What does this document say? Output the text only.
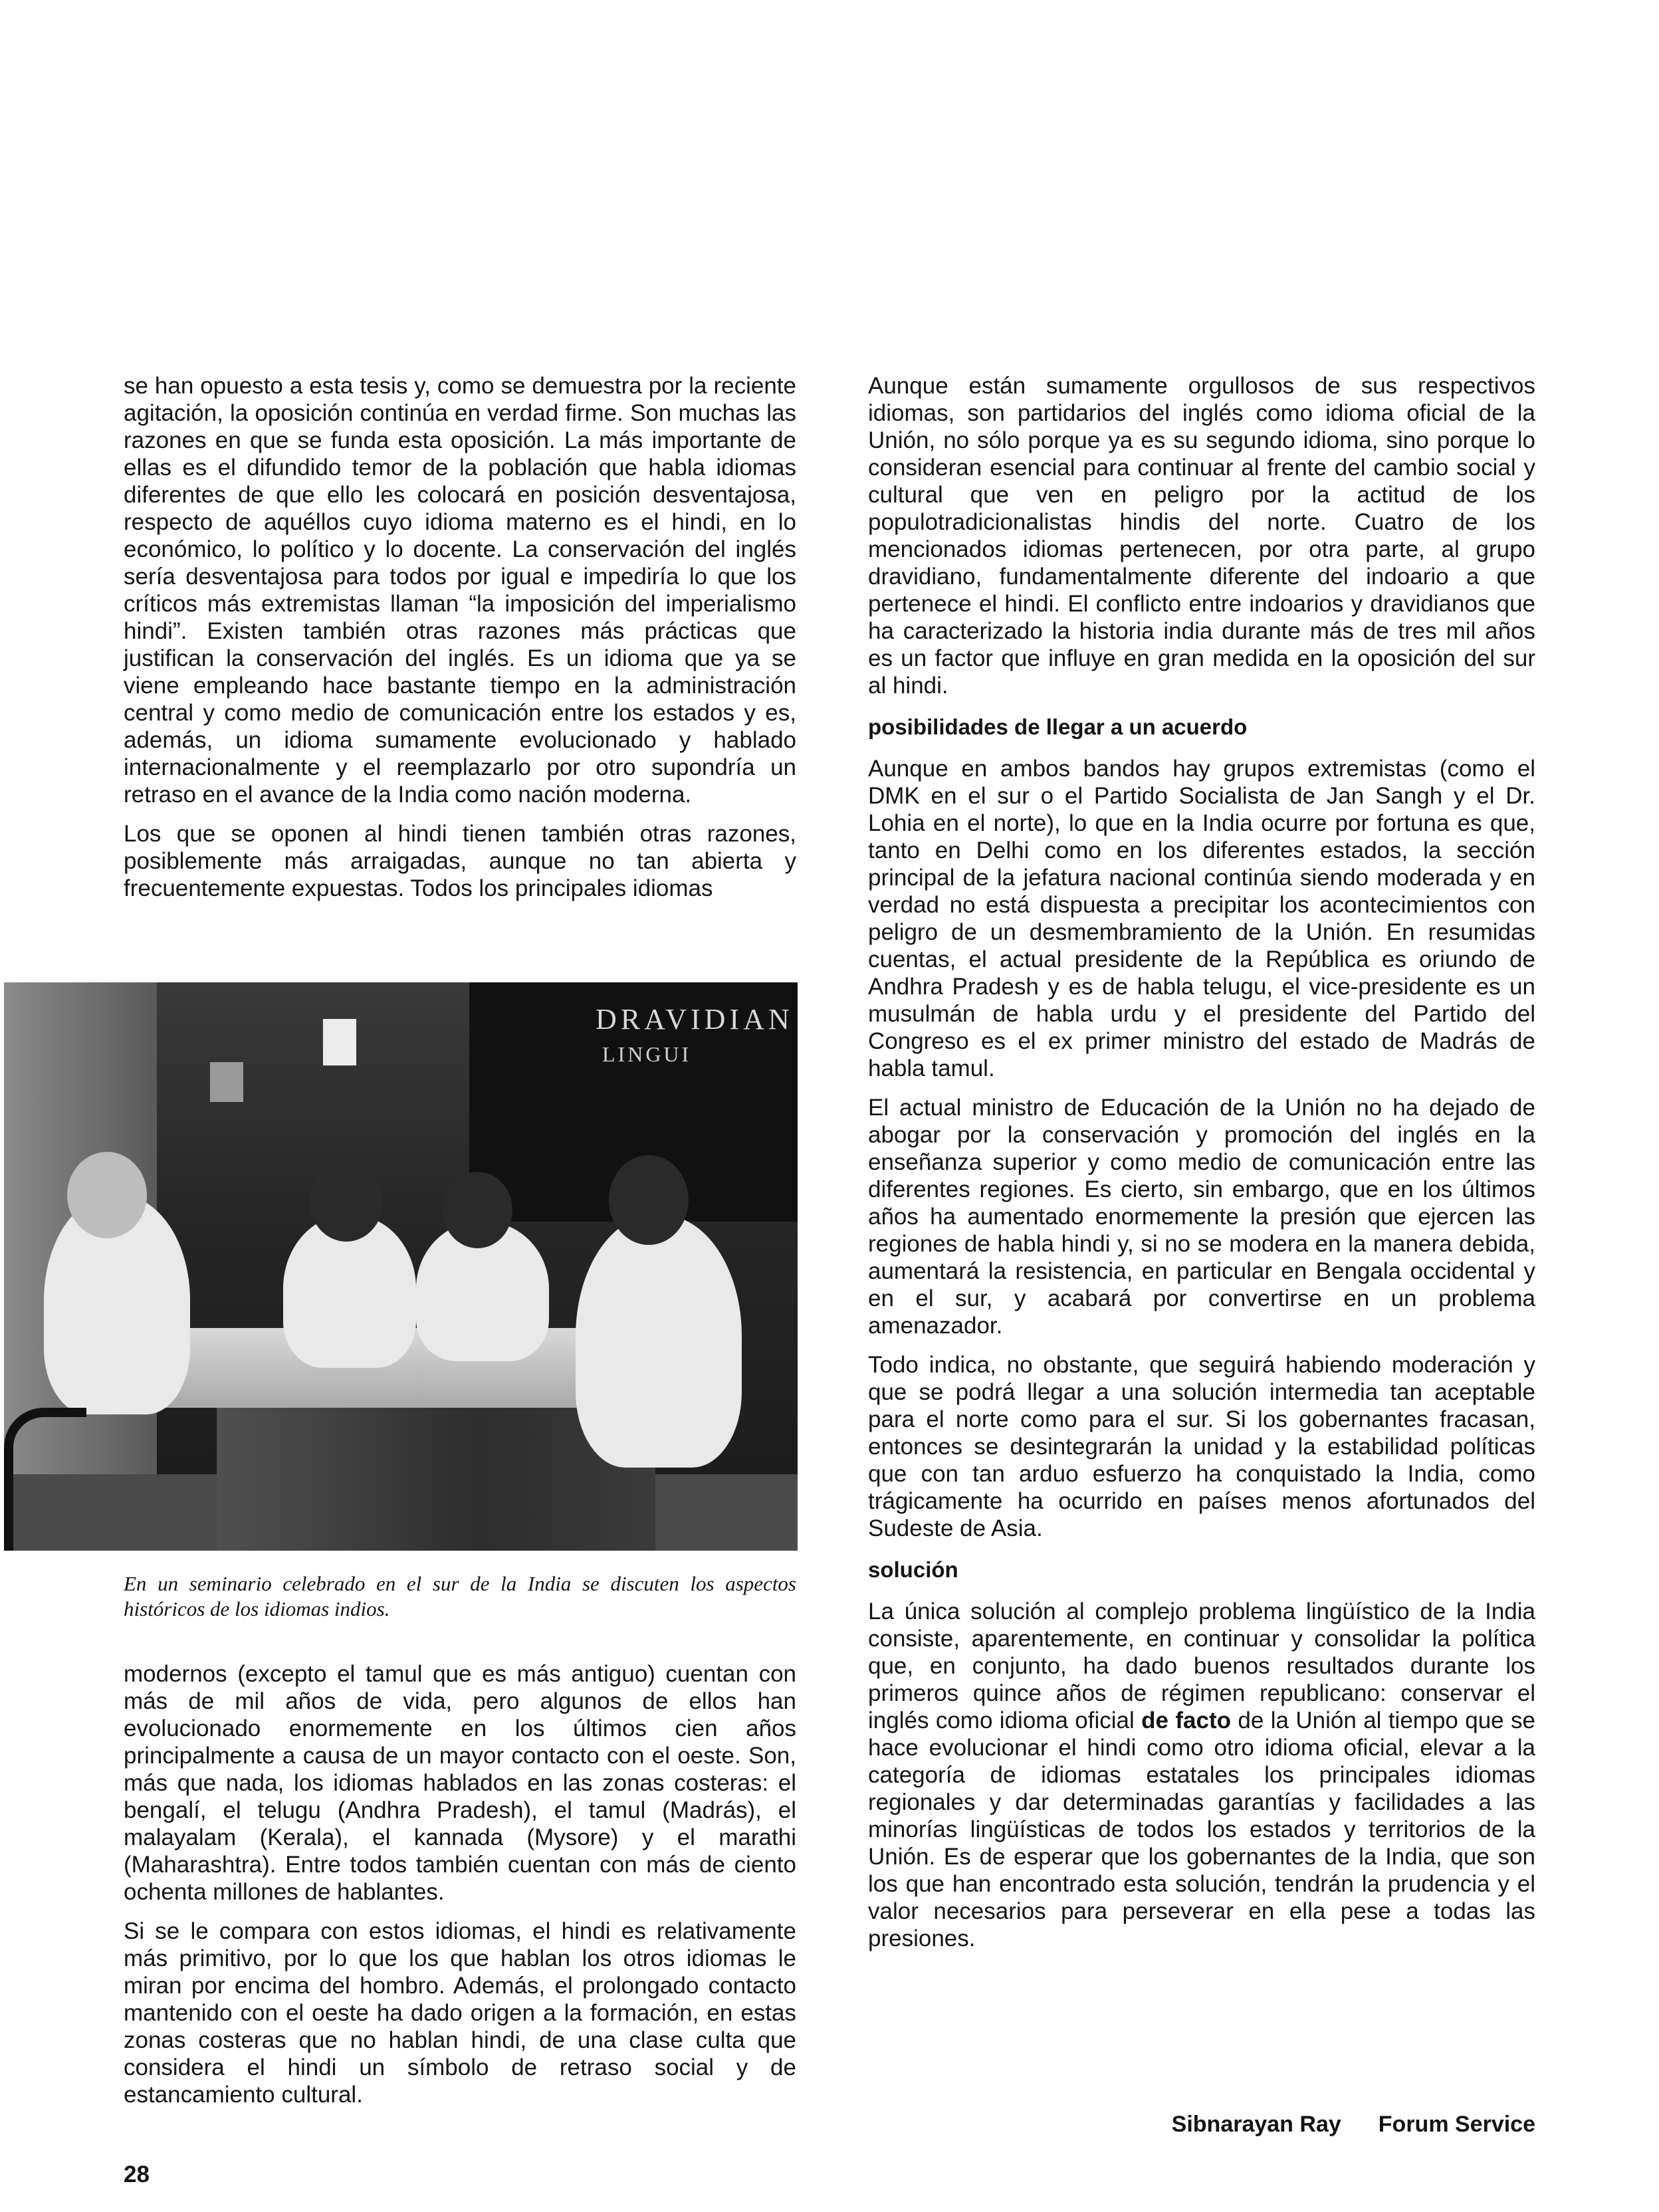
se han opuesto a esta tesis y, como se demuestra por la reciente agitación, la oposición continúa en verdad firme. Son muchas las razones en que se funda esta oposición. La más importante de ellas es el difundido temor de la población que habla idiomas diferentes de que ello les colocará en posición desventajosa, respecto de aquéllos cuyo idioma materno es el hindi, en lo económico, lo político y lo docente. La conservación del inglés sería desventajosa para todos por igual e impediría lo que los críticos más extremistas llaman “la imposición del imperialismo hindi”. Existen también otras razones más prácticas que justifican la conservación del inglés. Es un idioma que ya se viene empleando hace bastante tiempo en la administración central y como medio de comunicación entre los estados y es, además, un idioma sumamente evolucionado y hablado internacionalmente y el reemplazarlo por otro supondría un retraso en el avance de la India como nación moderna.

Los que se oponen al hindi tienen también otras razones, posiblemente más arraigadas, aunque no tan abierta y frecuentemente expuestas. Todos los principales idiomas

DRAVIDIAN
LINGUI
En un seminario celebrado en el sur de la India se discuten los aspectos históricos de los idiomas indios.

modernos (excepto el tamul que es más antiguo) cuentan con más de mil años de vida, pero algunos de ellos han evolucionado enormemente en los últimos cien años principalmente a causa de un mayor contacto con el oeste. Son, más que nada, los idiomas hablados en las zonas costeras: el bengalí, el telugu (Andhra Pradesh), el tamul (Madrás), el malayalam (Kerala), el kannada (Mysore) y el marathi (Maharashtra). Entre todos también cuentan con más de ciento ochenta millones de hablantes.

Si se le compara con estos idiomas, el hindi es relativamente más primitivo, por lo que los que hablan los otros idiomas le miran por encima del hombro. Además, el prolongado contacto mantenido con el oeste ha dado origen a la formación, en estas zonas costeras que no hablan hindi, de una clase culta que considera el hindi un símbolo de retraso social y de estancamiento cultural.

Aunque están sumamente orgullosos de sus respectivos idiomas, son partidarios del inglés como idioma oficial de la Unión, no sólo porque ya es su segundo idioma, sino porque lo consideran esencial para continuar al frente del cambio social y cultural que ven en peligro por la actitud de los populotradicionalistas hindis del norte. Cuatro de los mencionados idiomas pertenecen, por otra parte, al grupo dravidiano, fundamentalmente diferente del indoario a que pertenece el hindi. El conflicto entre indoarios y dravidianos que ha caracterizado la historia india durante más de tres mil años es un factor que influye en gran medida en la oposición del sur al hindi.

posibilidades de llegar a un acuerdo

Aunque en ambos bandos hay grupos extremistas (como el DMK en el sur o el Partido Socialista de Jan Sangh y el Dr. Lohia en el norte), lo que en la India ocurre por fortuna es que, tanto en Delhi como en los diferentes estados, la sección principal de la jefatura nacional continúa siendo moderada y en verdad no está dispuesta a precipitar los acontecimientos con peligro de un desmembramiento de la Unión. En resumidas cuentas, el actual presidente de la República es oriundo de Andhra Pradesh y es de habla telugu, el vice-presidente es un musulmán de habla urdu y el presidente del Partido del Congreso es el ex primer ministro del estado de Madrás de habla tamul.

El actual ministro de Educación de la Unión no ha dejado de abogar por la conservación y promoción del inglés en la enseñanza superior y como medio de comunicación entre las diferentes regiones. Es cierto, sin embargo, que en los últimos años ha aumentado enormemente la presión que ejercen las regiones de habla hindi y, si no se modera en la manera debida, aumentará la resistencia, en particular en Bengala occidental y en el sur, y acabará por convertirse en un problema amenazador.

Todo indica, no obstante, que seguirá habiendo moderación y que se podrá llegar a una solución intermedia tan aceptable para el norte como para el sur. Si los gobernantes fracasan, entonces se desintegrarán la unidad y la estabilidad políticas que con tan arduo esfuerzo ha conquistado la India, como trágicamente ha ocurrido en países menos afortunados del Sudeste de Asia.

solución

La única solución al complejo problema lingüístico de la India consiste, aparentemente, en continuar y consolidar la política que, en conjunto, ha dado buenos resultados durante los primeros quince años de régimen republicano: conservar el inglés como idioma oficial de facto de la Unión al tiempo que se hace evolucionar el hindi como otro idioma oficial, elevar a la categoría de idiomas estatales los principales idiomas regionales y dar determinadas garantías y facilidades a las minorías lingüísticas de todos los estados y territorios de la Unión. Es de esperar que los gobernantes de la India, que son los que han encontrado esta solución, tendrán la prudencia y el valor necesarios para perseverar en ella pese a todas las presiones.

Sibnarayan Ray Forum Service
28
